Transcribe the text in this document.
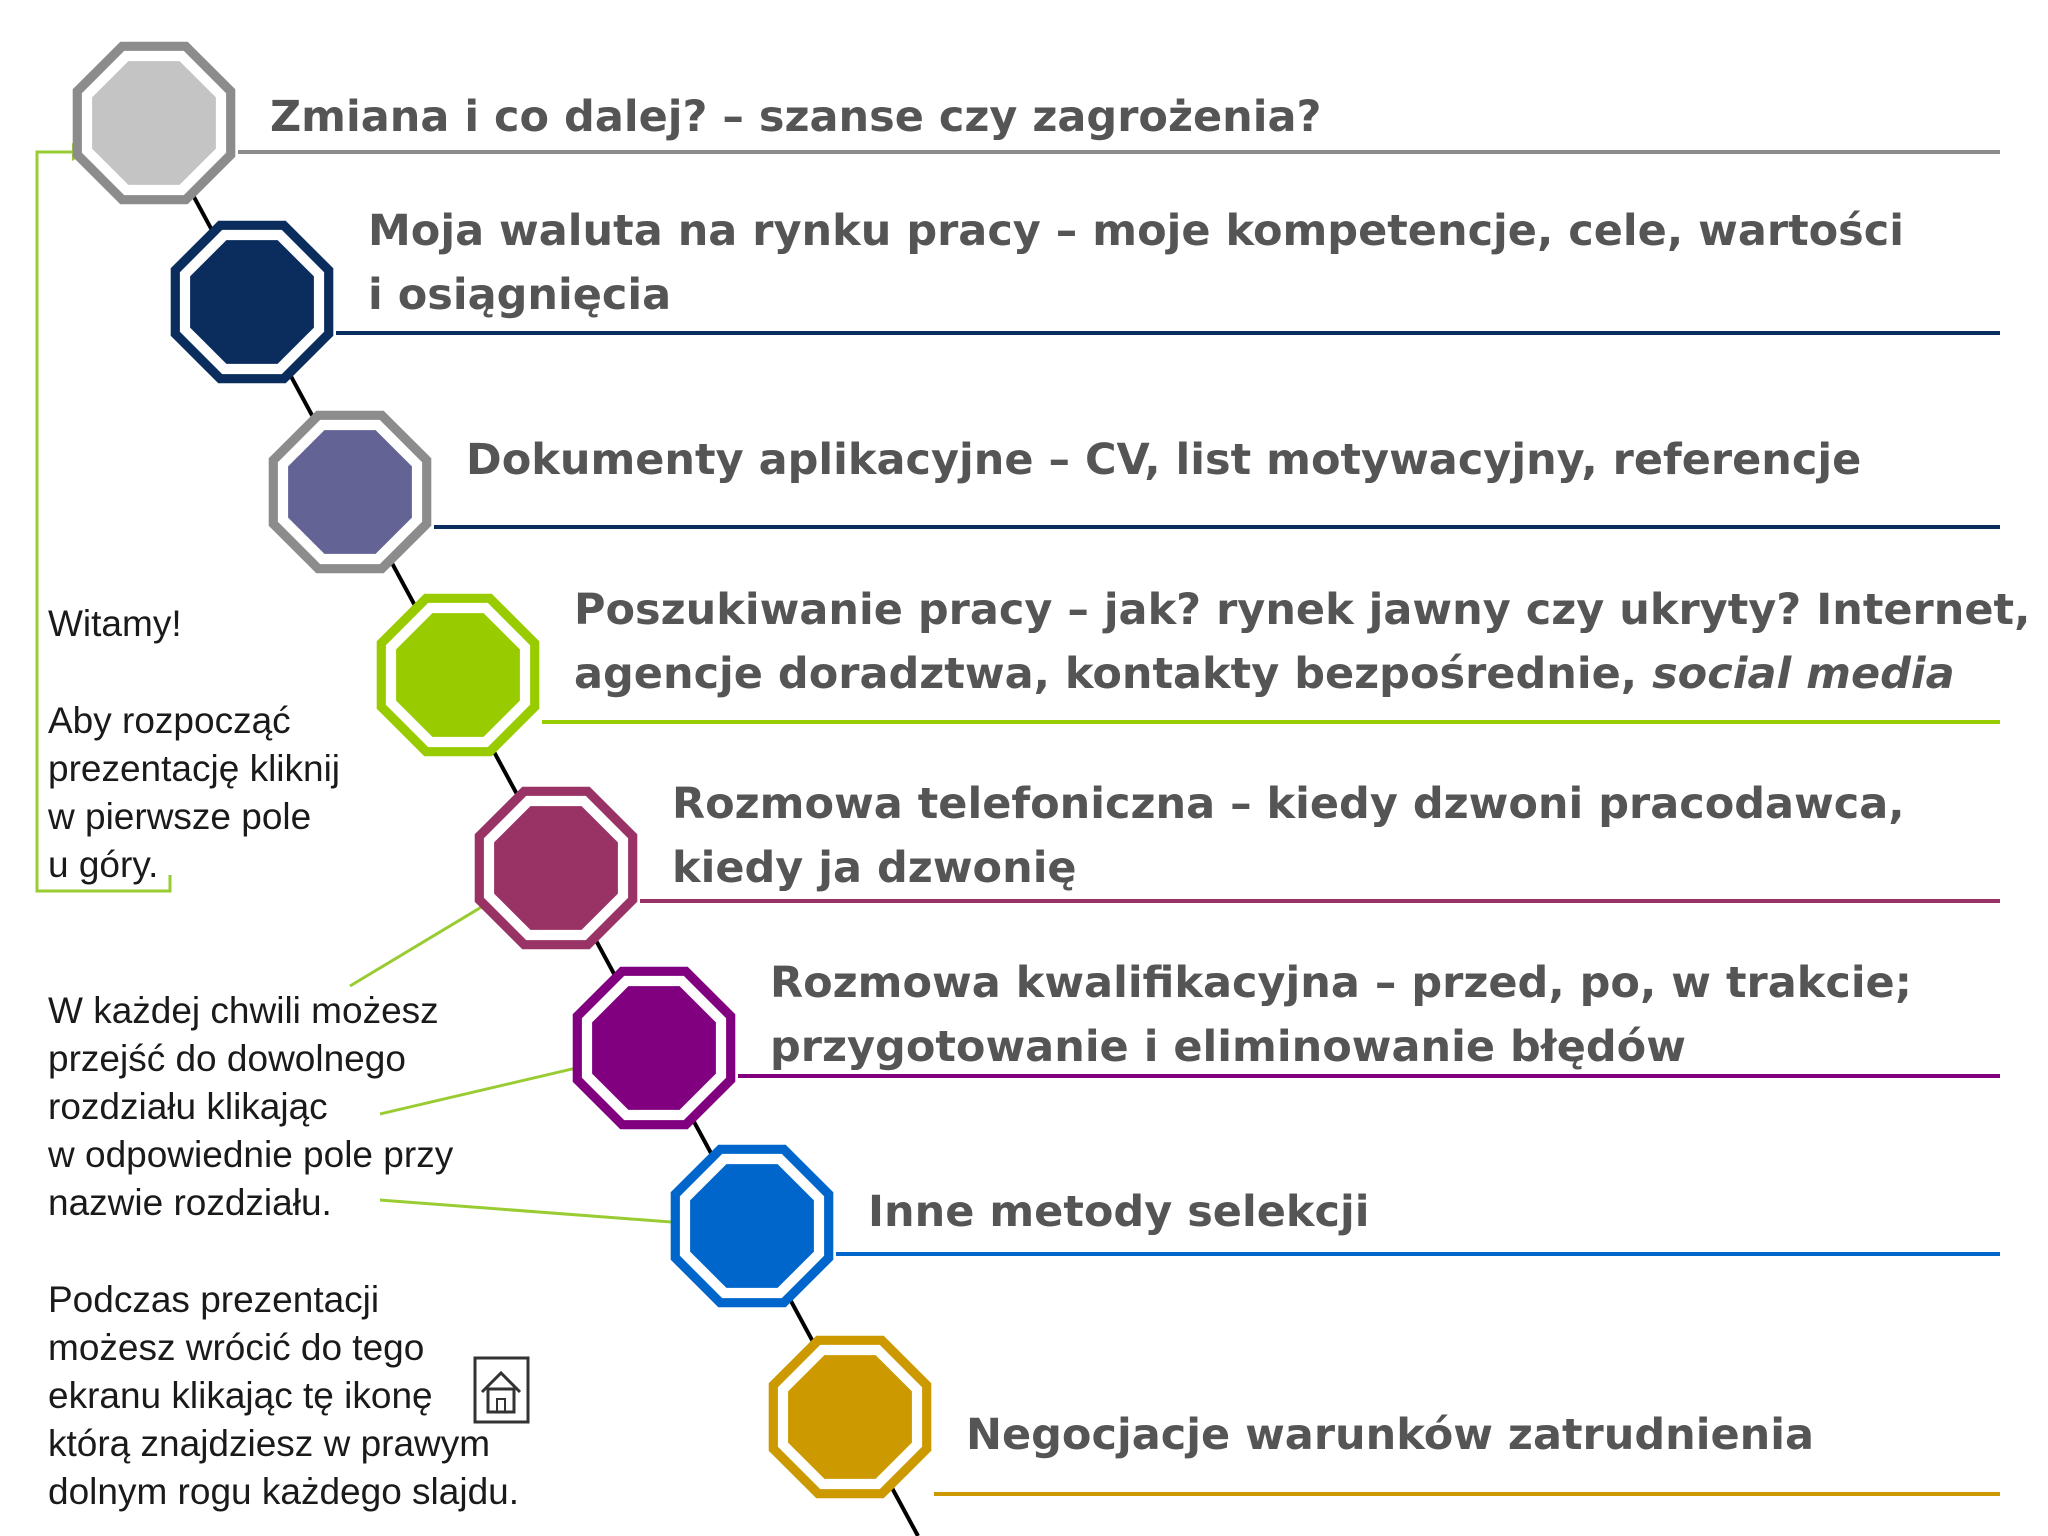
Zmiana i co dalej? – szanse czy zagrożenia?
Moja waluta na rynku pracy – moje kompetencje, cele, wartości
i osiągnięcia
Dokumenty aplikacyjne – CV, list motywacyjny, referencje
Poszukiwanie pracy – jak? rynek jawny czy ukryty? Internet,
agencje doradztwa, kontakty bezpośrednie, social media
Rozmowa telefoniczna – kiedy dzwoni pracodawca,
kiedy ja dzwonię
Rozmowa kwalifikacyjna – przed, po, w trakcie;
przygotowanie i eliminowanie błędów
Inne metody selekcji
Negocjacje warunków zatrudnienia

Witamy!

Aby rozpocząć

prezentację kliknij

w pierwsze pole

u góry.

W każdej chwili możesz

przejść do dowolnego

rozdziału klikając

w odpowiednie pole przy

nazwie rozdziału.

Podczas prezentacji

możesz wrócić do tego

ekranu klikając tę ikonę

którą znajdziesz w prawym

dolnym rogu każdego slajdu.
